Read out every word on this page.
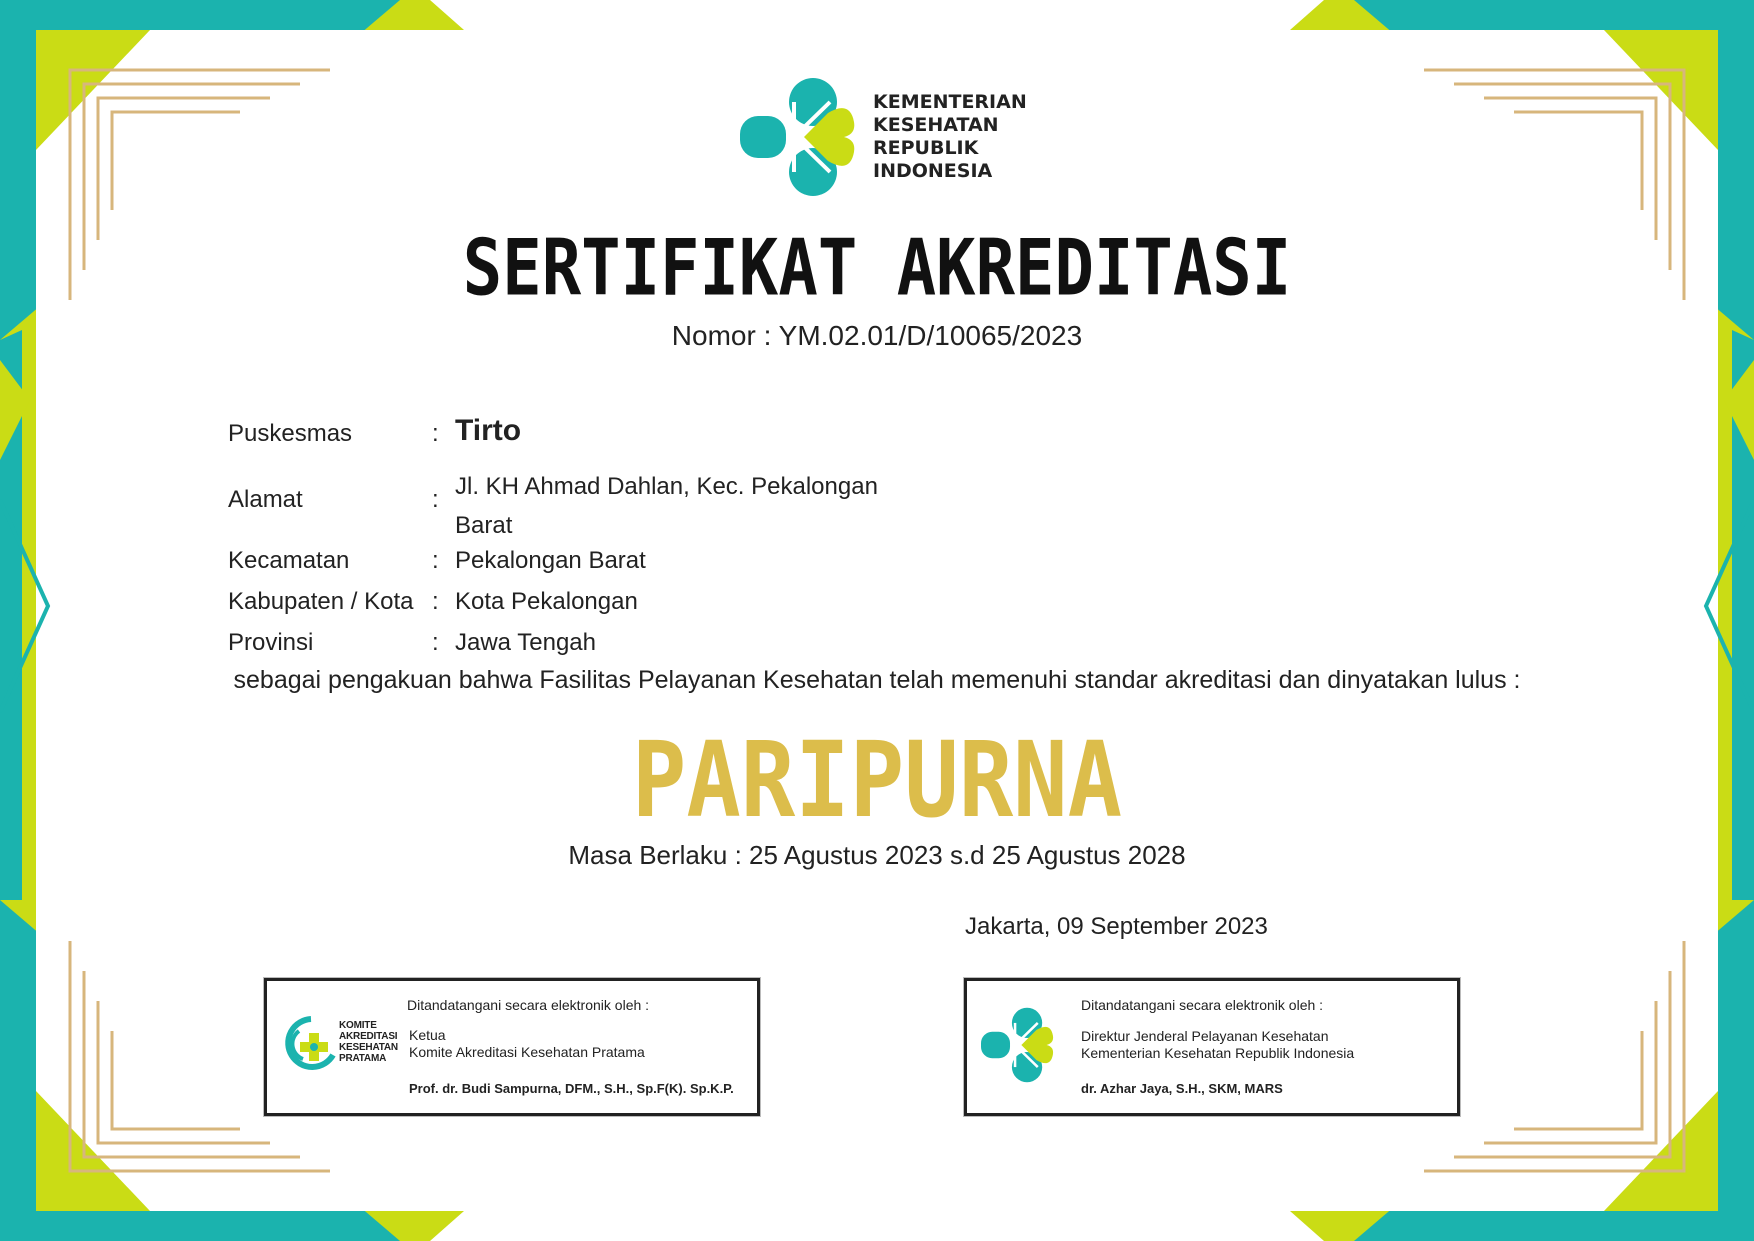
KEMENTERIAN
KESEHATAN
REPUBLIK
INDONESIA
SERTIFIKAT AKREDITASI
Nomor : YM.02.01/D/10065/2023
Puskesmas	: Tirto
Alamat	: Jl. KH Ahmad Dahlan, Kec. Pekalongan Barat
Kecamatan	: Pekalongan Barat
Kabupaten / Kota : Kota Pekalongan
Provinsi	: Jawa Tengah
sebagai pengakuan bahwa Fasilitas Pelayanan Kesehatan telah memenuhi standar akreditasi dan dinyatakan lulus :
PARIPURNA
Masa Berlaku : 25 Agustus 2023 s.d 25 Agustus 2028
Jakarta, 09 September 2023
Ditandatangani secara elektronik oleh :
KOMITE
AKREDITASI
KESEHATAN
PRATAMA
Ketua
Komite Akreditasi Kesehatan Pratama
Prof. dr. Budi Sampurna, DFM., S.H., Sp.F(K). Sp.K.P.
Ditandatangani secara elektronik oleh :
Direktur Jenderal Pelayanan Kesehatan
Kementerian Kesehatan Republik Indonesia
dr. Azhar Jaya, S.H., SKM, MARS
